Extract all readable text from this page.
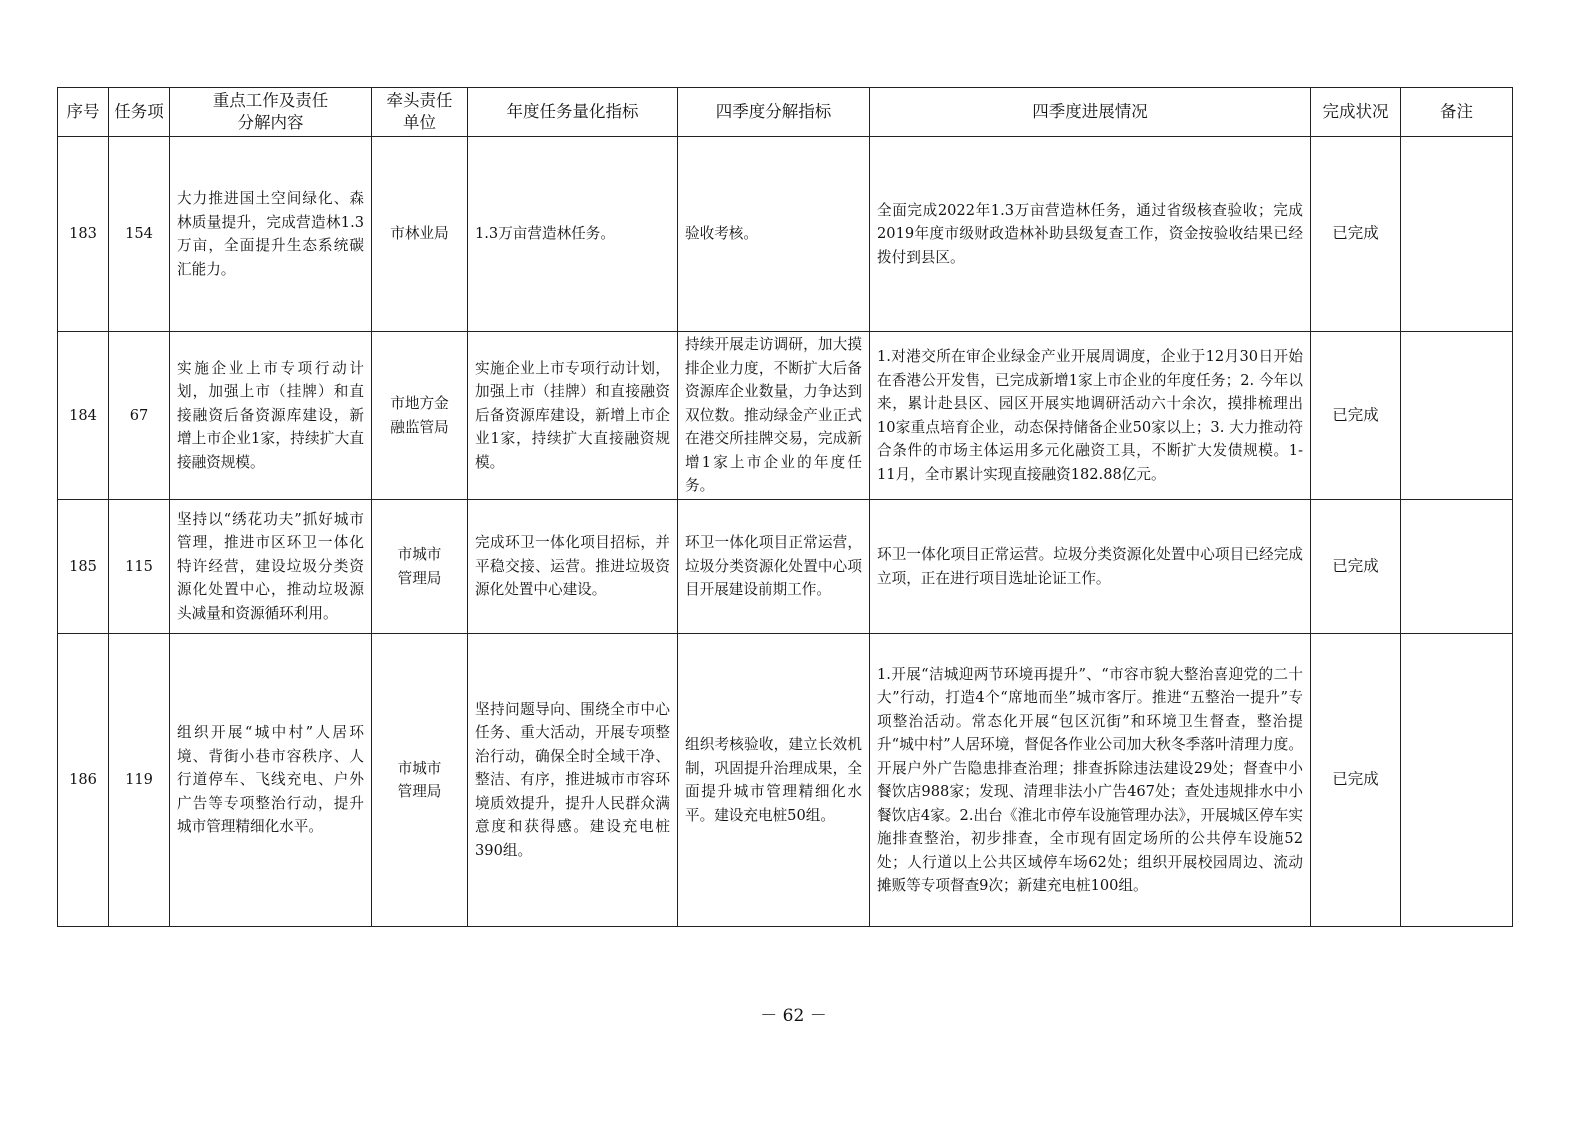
序号	任务项	重点工作及责任
分解内容	牵头责任
单位	年度任务量化指标	四季度分解指标	四季度进展情况	完成状况	备注

183	154	大力推进国土空间绿化、森林质量提升，完成营造林1.3万亩，全面提升生态系统碳汇能力。	市林业局	1.3万亩营造林任务。	验收考核。	全面完成2022年1.3万亩营造林任务，通过省级核查验收；完成2019年度市级财政造林补助县级复查工作，资金按验收结果已经拨付到县区。	已完成	
184	67	实施企业上市专项行动计划，加强上市（挂牌）和直接融资后备资源库建设，新增上市企业1家，持续扩大直接融资规模。	市地方金
融监管局	实施企业上市专项行动计划，加强上市（挂牌）和直接融资后备资源库建设，新增上市企业1家，持续扩大直接融资规模。	持续开展走访调研，加大摸排企业力度，不断扩大后备资源库企业数量，力争达到双位数。推动绿金产业正式在港交所挂牌交易，完成新增1家上市企业的年度任务。	1.对港交所在审企业绿金产业开展周调度，企业于12月30日开始在香港公开发售，已完成新增1家上市企业的年度任务；2. 今年以来，累计赴县区、园区开展实地调研活动六十余次，摸排梳理出10家重点培育企业，动态保持储备企业50家以上；3. 大力推动符合条件的市场主体运用多元化融资工具，不断扩大发债规模。1-11月，全市累计实现直接融资182.88亿元。	已完成	
185	115	坚持以“绣花功夫”抓好城市管理，推进市区环卫一体化特许经营，建设垃圾分类资源化处置中心，推动垃圾源头减量和资源循环利用。	市城市
管理局	完成环卫一体化项目招标，并平稳交接、运营。推进垃圾资源化处置中心建设。	环卫一体化项目正常运营，垃圾分类资源化处置中心项目开展建设前期工作。	环卫一体化项目正常运营。垃圾分类资源化处置中心项目已经完成立项，正在进行项目选址论证工作。	已完成	
186	119	组织开展“城中村”人居环境、背街小巷市容秩序、人行道停车、飞线充电、户外广告等专项整治行动，提升城市管理精细化水平。	市城市
管理局	坚持问题导向、围绕全市中心任务、重大活动，开展专项整治行动，确保全时全域干净、整洁、有序，推进城市市容环境质效提升，提升人民群众满意度和获得感。建设充电桩390组。	组织考核验收，建立长效机制，巩固提升治理成果，全面提升城市管理精细化水平。建设充电桩50组。	1.开展“洁城迎两节环境再提升”、“市容市貌大整治喜迎党的二十大”行动，打造4个“席地而坐”城市客厅。推进“五整治一提升”专项整治活动。常态化开展“包区沉街”和环境卫生督查，整治提升“城中村”人居环境，督促各作业公司加大秋冬季落叶清理力度。开展户外广告隐患排查治理；排查拆除违法建设29处；督查中小餐饮店988家；发现、清理非法小广告467处；查处违规排水中小餐饮店4家。2.出台《淮北市停车设施管理办法》，开展城区停车实施排查整治，初步排查，全市现有固定场所的公共停车设施52处；人行道以上公共区域停车场62处；组织开展校园周边、流动摊贩等专项督查9次；新建充电桩100组。	已完成	
－ 62 －
